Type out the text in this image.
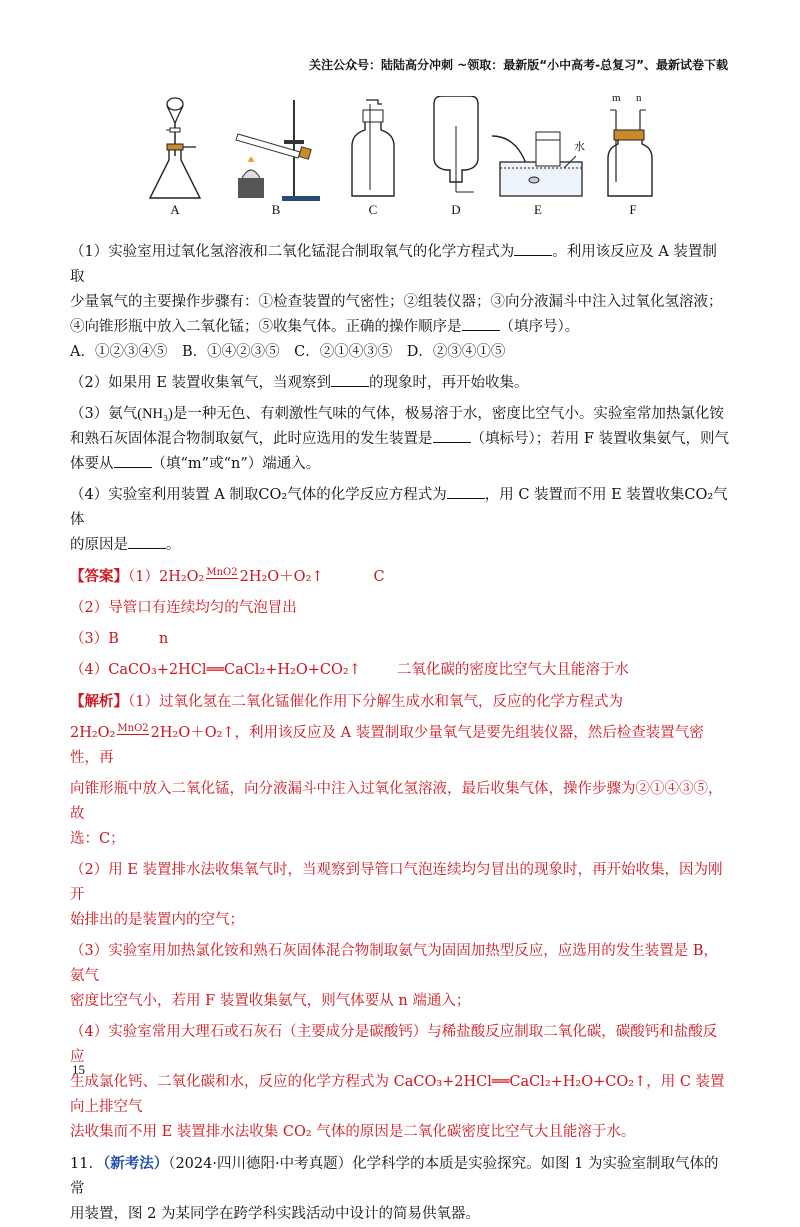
关注公众号：陆陆高分冲刺 ~领取：最新版“小中高考-总复习”、最新试卷下载
A	B	C	D	E
水
m n
F

（1）实验室用过氧化氢溶液和二氧化锰混合制取氧气的化学方程式为	。利用该反应及 A 装置制取

少量氧气的主要操作步骤有：①检查装置的气密性；②组装仪器；③向分液漏斗中注入过氧化氢溶液；

④向锥形瓶中放入二氧化锰；⑤收集气体。正确的操作顺序是	（填序号）。

A．①②③④⑤　B．①④②③⑤　C．②①④③⑤　D．②③④①⑤

（2）如果用 E 装置收集氧气，当观察到	的现象时，再开始收集。

（3）氨气(NH₃)是一种无色、有刺激性气味的气体，极易溶于水，密度比空气小。实验室常加热氯化铵

和熟石灰固体混合物制取氨气，此时应选用的发生装置是	（填标号）；若用 F 装置收集氨气，则气

体要从	（填“m”或“n”）端通入。

（4）实验室利用装置 A 制取CO₂气体的化学反应方程式为	，用 C 装置而不用 E 装置收集CO₂气体

的原因是	。

【答案】（1）2H₂O₂ MnO2 2H₂O＋O₂↑	C

（2）导管口有连续均匀的气泡冒出

（3）B	n

（4）CaCO₃+2HCl══CaCl₂+H₂O+CO₂↑ 二氧化碳的密度比空气大且能溶于水

【解析】（1）过氧化氢在二氧化锰催化作用下分解生成水和氧气，反应的化学方程式为

2H₂O₂ MnO2 2H₂O＋O₂↑，利用该反应及 A 装置制取少量氧气是要先组装仪器，然后检查装置气密性，再

向锥形瓶中放入二氧化锰，向分液漏斗中注入过氧化氢溶液，最后收集气体，操作步骤为②①④③⑤，故

选：C；

（2）用 E 装置排水法收集氧气时，当观察到导管口气泡连续均匀冒出的现象时，再开始收集，因为刚开

始排出的是装置内的空气；

（3）实验室用加热氯化铵和熟石灰固体混合物制取氨气为固固加热型反应，应选用的发生装置是 B，氨气

密度比空气小，若用 F 装置收集氨气，则气体要从 n 端通入；

（4）实验室常用大理石或石灰石（主要成分是碳酸钙）与稀盐酸反应制取二氧化碳，碳酸钙和盐酸反应

生成氯化钙、二氧化碳和水，反应的化学方程式为 CaCO₃+2HCl══CaCl₂+H₂O+CO₂↑，用 C 装置向上排空气

法收集而不用 E 装置排水法收集 CO₂ 气体的原因是二氧化碳密度比空气大且能溶于水。

11．（新考法）（2024·四川德阳·中考真题）化学科学的本质是实验探究。如图 1 为实验室制取气体的常

用装置，图 2 为某同学在跨学科实践活动中设计的简易供氧器。

15
